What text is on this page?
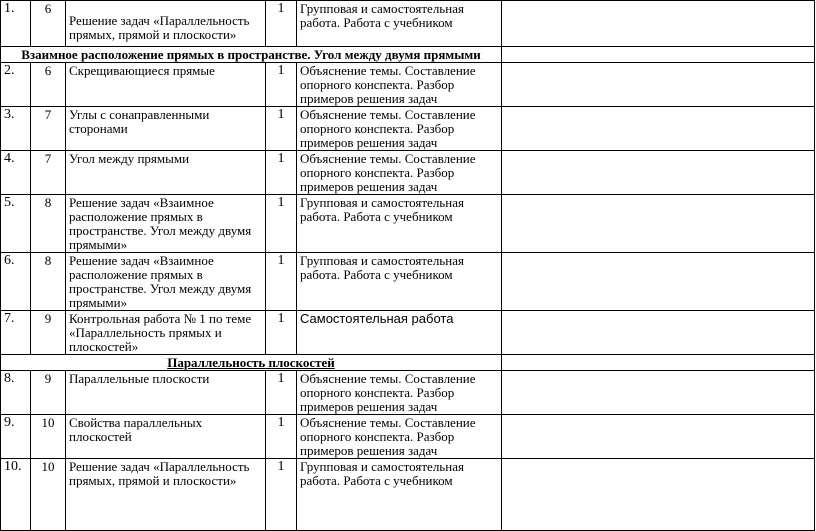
1.	6	Решение задач «Параллельность прямых, прямой и плоскости»	1	Групповая и самостоятельная работа. Работа с учебником	
Взаимное расположение прямых в пространстве. Угол между двумя прямыми					
2.	6	Скрещивающиеся прямые	1	Объяснение темы. Составление опорного конспекта. Разбор примеров решения задач	
3.	7	Углы с сонаправленными сторонами	1	Объяснение темы. Составление опорного конспекта. Разбор примеров решения задач	
4.	7	Угол между прямыми	1	Объяснение темы. Составление опорного конспекта. Разбор примеров решения задач	
5.	8	Решение задач «Взаимное расположение прямых в пространстве. Угол между двумя прямыми»	1	Групповая и самостоятельная работа. Работа с учебником	
6.	8	Решение задач «Взаимное расположение прямых в пространстве. Угол между двумя прямыми»	1	Групповая и самостоятельная работа. Работа с учебником	
7.	9	Контрольная работа № 1 по теме «Параллельность прямых и плоскостей»	1	Самостоятельная работа	
Параллельность плоскостей					
8.	9	Параллельные плоскости	1	Объяснение темы. Составление опорного конспекта. Разбор примеров решения задач	
9.	10	Свойства параллельных плоскостей	1	Объяснение темы. Составление опорного конспекта. Разбор примеров решения задач	
10.	10	Решение задач «Параллельность прямых, прямой и плоскости»	1	Групповая и самостоятельная работа. Работа с учебником	
